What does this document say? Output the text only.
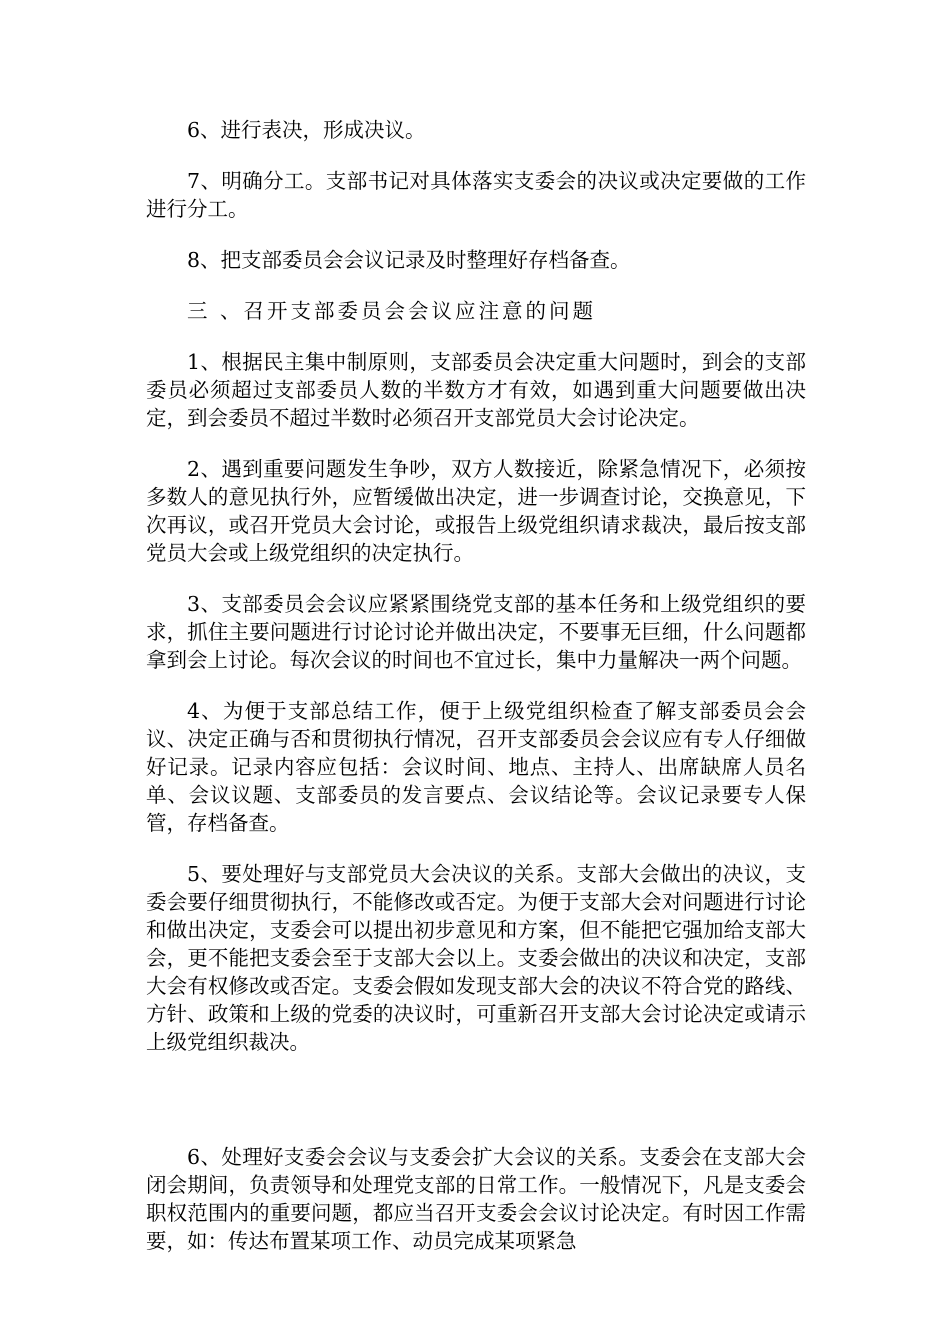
6、进行表决，形成决议。

7、明确分工。支部书记对具体落实支委会的决议或决定要做的工作进行分工。

8、把支部委员会会议记录及时整理好存档备查。

三 、召开支部委员会会议应注意的问题

1、根据民主集中制原则，支部委员会决定重大问题时，到会的支部委员必须超过支部委员人数的半数方才有效，如遇到重大问题要做出决定，到会委员不超过半数时必须召开支部党员大会讨论决定。

2、遇到重要问题发生争吵，双方人数接近，除紧急情况下，必须按多数人的意见执行外，应暂缓做出决定，进一步调查讨论，交换意见，下次再议，或召开党员大会讨论，或报告上级党组织请求裁决，最后按支部党员大会或上级党组织的决定执行。

3、支部委员会会议应紧紧围绕党支部的基本任务和上级党组织的要求，抓住主要问题进行讨论讨论并做出决定，不要事无巨细，什么问题都拿到会上讨论。每次会议的时间也不宜过长，集中力量解决一两个问题。

4、为便于支部总结工作，便于上级党组织检查了解支部委员会会议、决定正确与否和贯彻执行情况，召开支部委员会会议应有专人仔细做好记录。记录内容应包括：会议时间、地点、主持人、出席缺席人员名单、会议议题、支部委员的发言要点、会议结论等。会议记录要专人保管，存档备查。

5、要处理好与支部党员大会决议的关系。支部大会做出的决议，支委会要仔细贯彻执行，不能修改或否定。为便于支部大会对问题进行讨论和做出决定，支委会可以提出初步意见和方案，但不能把它强加给支部大会，更不能把支委会至于支部大会以上。支委会做出的决议和决定，支部大会有权修改或否定。支委会假如发现支部大会的决议不符合党的路线、方针、政策和上级的党委的决议时，可重新召开支部大会讨论决定或请示上级党组织裁决。

6、处理好支委会会议与支委会扩大会议的关系。支委会在支部大会闭会期间，负责领导和处理党支部的日常工作。一般情况下，凡是支委会职权范围内的重要问题，都应当召开支委会会议讨论决定。有时因工作需要，如：传达布置某项工作、动员完成某项紧急
